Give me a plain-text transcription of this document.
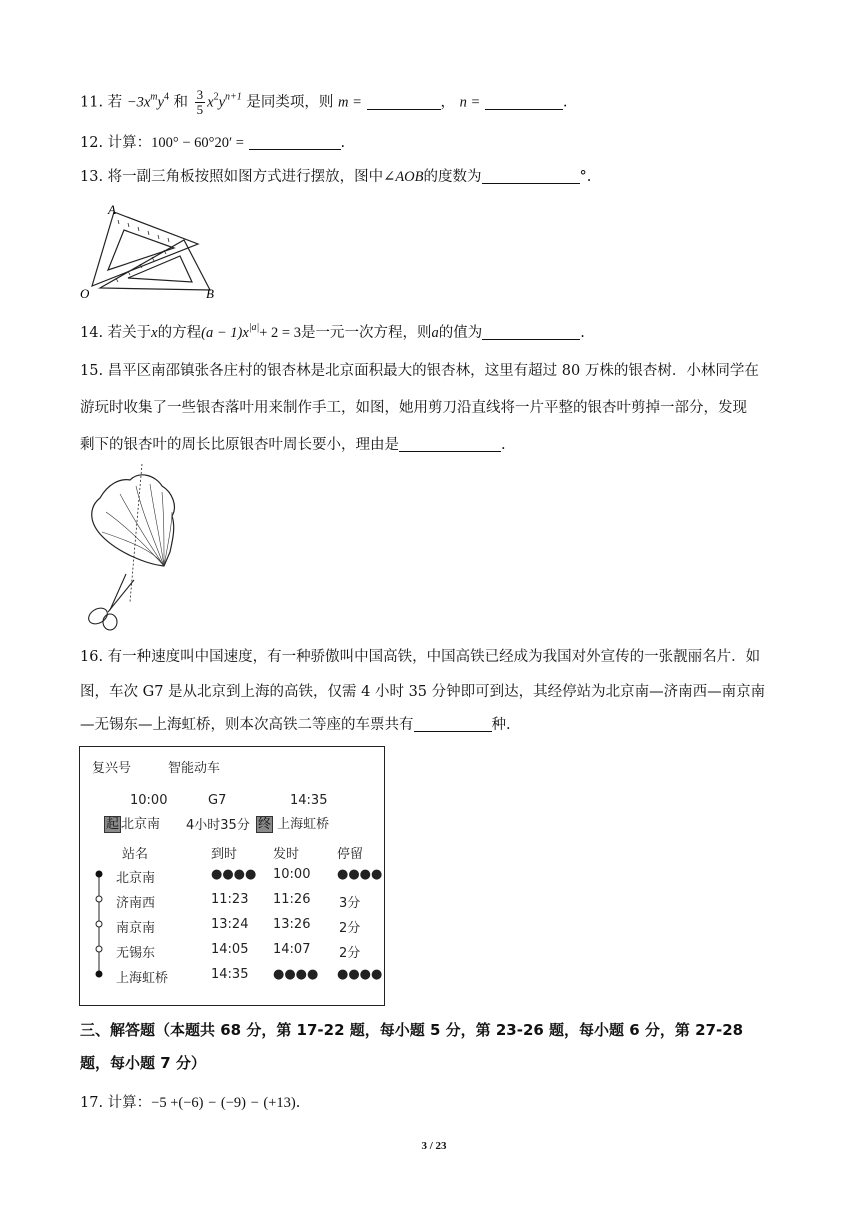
11. 若 $-3x^my^4$ 和 $\frac{3}{5} x^2y^{n+1}$ 是同类项，则 m =	， n =	.
12. 计算：100° − 60°20′ =	.
13. 将一副三角板按照如图方式进行摆放，图中∠AOB的度数为	°.
A
O	B
14. 若关于x的方程$(a - 1)x^{|a|}+ 2 = 3$是一元一次方程，则a的值为	.
15. 昌平区南邵镇张各庄村的银杏林是北京面积最大的银杏林，这里有超过 80 万株的银杏树．小林同学在
游玩时收集了一些银杏落叶用来制作手工，如图，她用剪刀沿直线将一片平整的银杏叶剪掉一部分，发现
剩下的银杏叶的周长比原银杏叶周长要小，理由是	.
16. 有一种速度叫中国速度，有一种骄傲叫中国高铁，中国高铁已经成为我国对外宣传的一张靓丽名片．如
图，车次 G7 是从北京到上海的高铁，仅需 4 小时 35 分钟即可到达，其经停站为北京南—济南西—南京南
—无锡东—上海虹桥，则本次高铁二等座的车票共有	种.
复兴号	智能动车
10:00	G7	14:35
起 北京南 4小时35分 终 上海虹桥
站名	到时	发时	停留
北京南	●●●● 10:00 ●●●●
济南西	11:23 11:26 3分
南京南	13:24 13:26 2分
无锡东	14:05 14:07 2分
上海虹桥	14:35 ●●●● ●●●●
三、解答题（本题共 68 分，第 17-22 题，每小题 5 分，第 23-26 题，每小题 6 分，第 27-28
题，每小题 7 分）
17. 计算：−5 +(−6) − (−9) − (+13).
3 / 23
